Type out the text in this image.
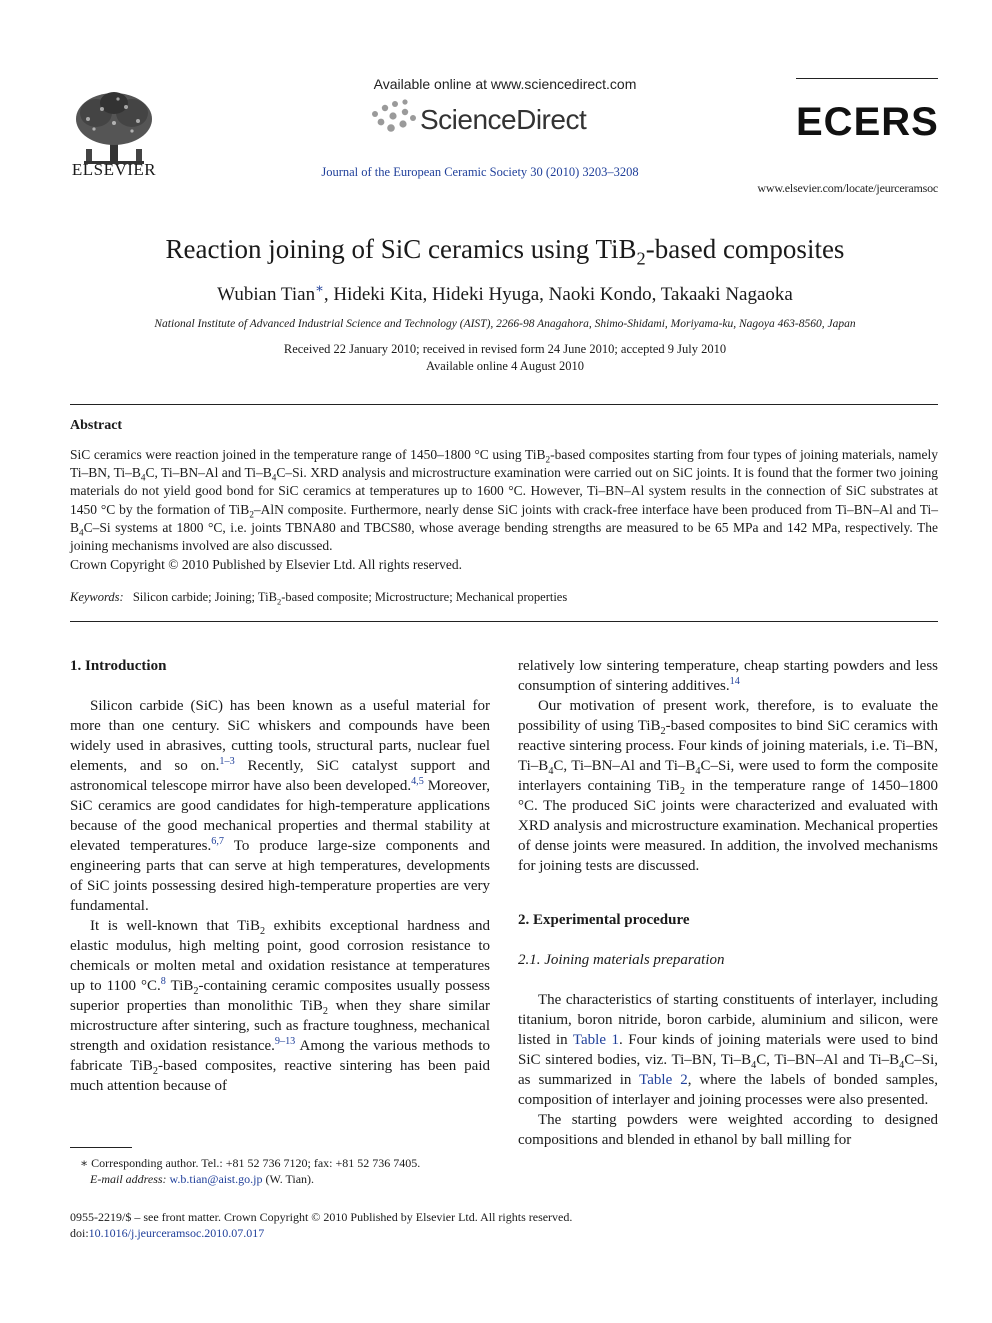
ELSEVIER
Available online at www.sciencedirect.com
ScienceDirect
Journal of the European Ceramic Society 30 (2010) 3203–3208
ECERS
www.elsevier.com/locate/jeurceramsoc
Reaction joining of SiC ceramics using TiB$_2$-based composites
Wubian Tian∗, Hideki Kita, Hideki Hyuga, Naoki Kondo, Takaaki Nagaoka
National Institute of Advanced Industrial Science and Technology (AIST), 2266-98 Anagahora, Shimo-Shidami, Moriyama-ku, Nagoya 463-8560, Japan
Received 22 January 2010; received in revised form 24 June 2010; accepted 9 July 2010
Available online 4 August 2010
Abstract
SiC ceramics were reaction joined in the temperature range of 1450–1800 °C using TiB$_2$-based composites starting from four types of joining materials, namely Ti–BN, $Ti-B_4C$, Ti–BN–Al and $Ti-B_4C-Si$. XRD analysis and microstructure examination were carried out on SiC joints. It is found that the former two joining materials do not yield good bond for SiC ceramics at temperatures up to 1600 °C. However, Ti–BN–Al system results in the connection of SiC substrates at 1450 °C by the formation of TiB$_2$–AlN composite. Furthermore, nearly dense SiC joints with crack-free interface have been produced from Ti–BN–Al and $Ti-B_4C-Si$ systems at 1800 °C, i.e. joints TBNA80 and TBCS80, whose average bending strengths are measured to be 65 MPa and 142 MPa, respectively. The joining mechanisms involved are also discussed.
Crown Copyright © 2010 Published by Elsevier Ltd. All rights reserved.
Keywords: Silicon carbide; Joining; TiB$_2$-based composite; Microstructure; Mechanical properties
1. Introduction

Silicon carbide (SiC) has been known as a useful material for more than one century. SiC whiskers and compounds have been widely used in abrasives, cutting tools, structural parts, nuclear fuel elements, and so on.$^{1-3}$ Recently, SiC catalyst support and astronomical telescope mirror have also been developed.$^{4,5}$ Moreover, SiC ceramics are good candidates for high-temperature applications because of the good mechanical properties and thermal stability at elevated temperatures.$^{6,7}$ To produce large-size components and engineering parts that can serve at high temperatures, developments of SiC joints possessing desired high-temperature properties are very fundamental.

It is well-known that TiB$_2$ exhibits exceptional hardness and elastic modulus, high melting point, good corrosion resistance to chemicals or molten metal and oxidation resistance at temperatures up to 1100 °C.$^8$ TiB$_2$-containing ceramic composites usually possess superior properties than monolithic TiB$_2$ when they share similar microstructure after sintering, such as fracture toughness, mechanical strength and oxidation resistance.$^{9-13}$ Among the various methods to fabricate TiB$_2$-based composites, reactive sintering has been paid much attention because of

relatively low sintering temperature, cheap starting powders and less consumption of sintering additives.$^{14}$

Our motivation of present work, therefore, is to evaluate the possibility of using TiB$_2$-based composites to bind SiC ceramics with reactive sintering process. Four kinds of joining materials, i.e. Ti–BN, $Ti-B_4C$, Ti–BN–Al and $Ti-B_4C-Si$, were used to form the composite interlayers containing TiB$_2$ in the temperature range of 1450–1800 °C. The produced SiC joints were characterized and evaluated with XRD analysis and microstructure examination. Mechanical properties of dense joints were measured. In addition, the involved mechanisms for joining tests are discussed.

2. Experimental procedure
2.1. Joining materials preparation

The characteristics of starting constituents of interlayer, including titanium, boron nitride, boron carbide, aluminium and silicon, were listed in Table 1. Four kinds of joining materials were used to bind SiC sintered bodies, viz. Ti–BN, $Ti-B_4C$, Ti–BN–Al and $Ti-B_4C-Si$, as summarized in Table 2, where the labels of bonded samples, composition of interlayer and joining processes were also presented.

The starting powders were weighted according to designed compositions and blended in ethanol by ball milling for

∗ Corresponding author. Tel.: +81 52 736 7120; fax: +81 52 736 7405.
E-mail address: w.b.tian@aist.go.jp (W. Tian).
0955-2219/$ – see front matter. Crown Copyright © 2010 Published by Elsevier Ltd. All rights reserved.
doi:10.1016/j.jeurceramsoc.2010.07.017
